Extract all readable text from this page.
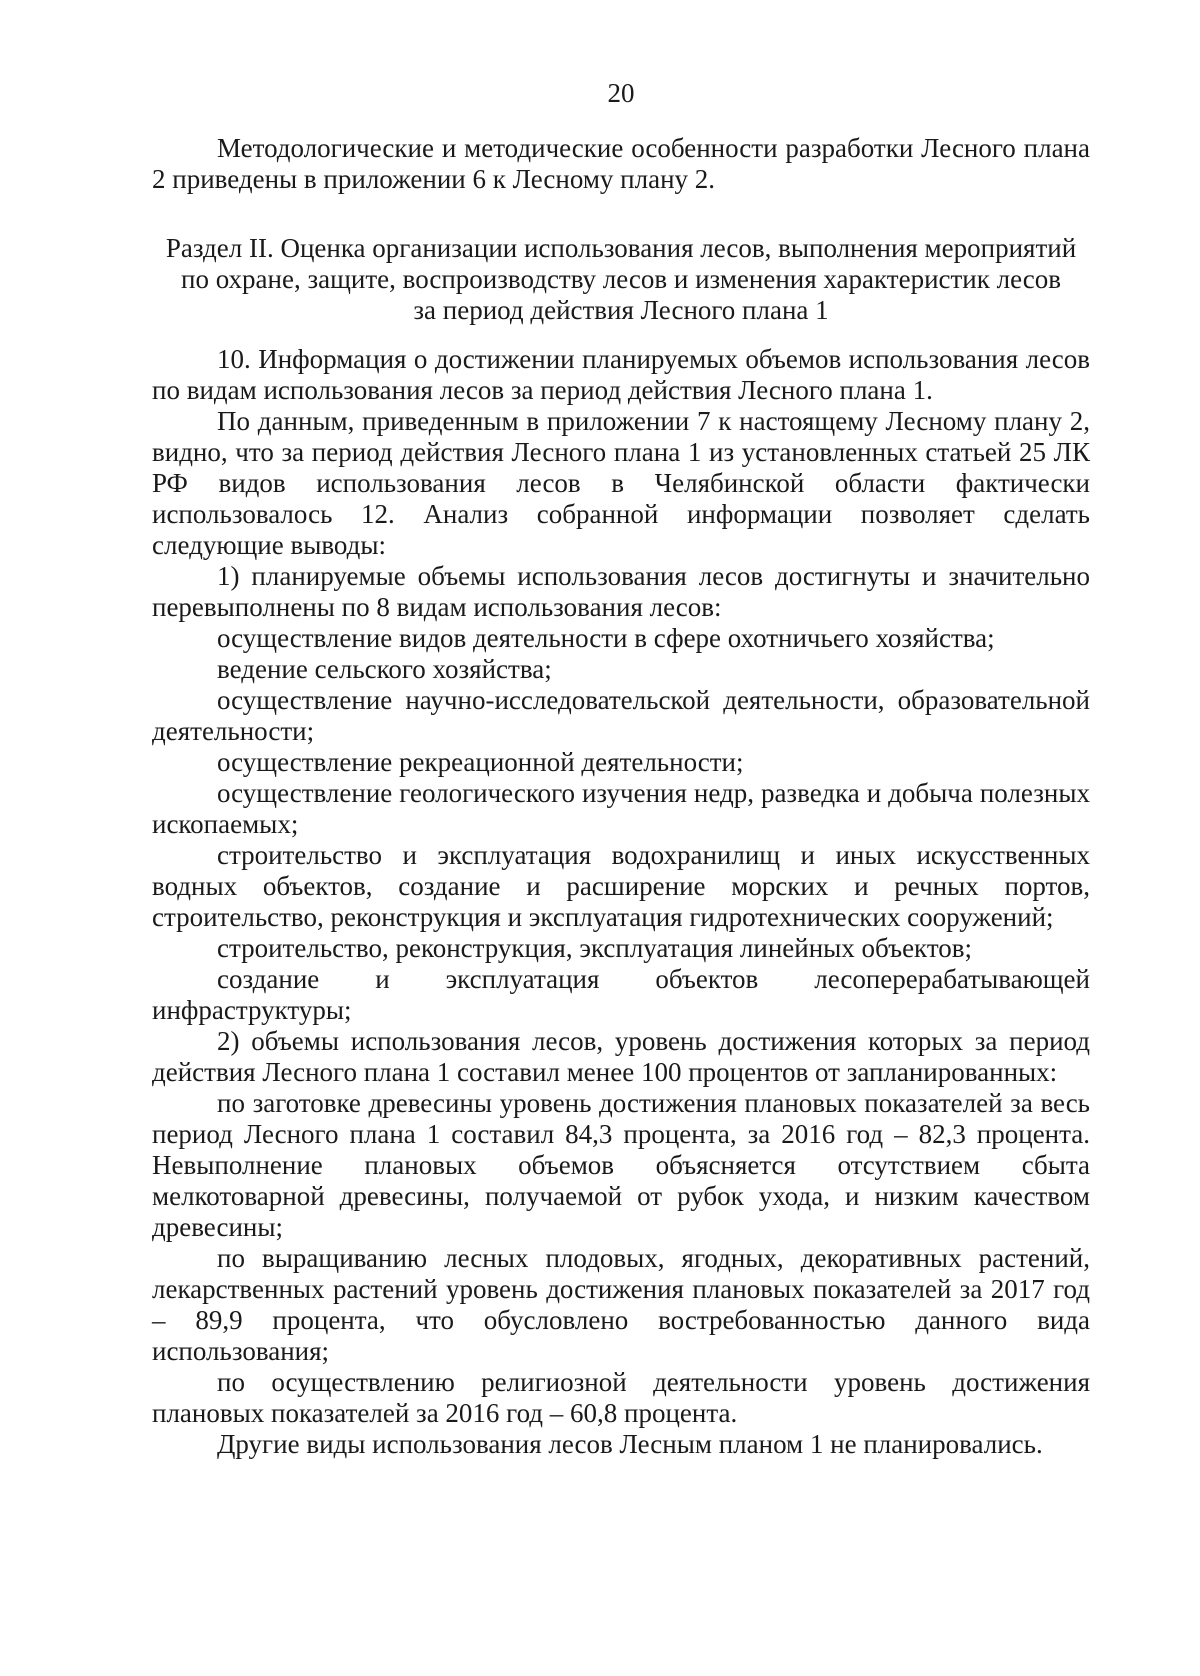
20

Методологические и методические особенности разработки Лесного плана 2 приведены в приложении 6 к Лесному плану 2.

Раздел II. Оценка организации использования лесов, выполнения мероприятий
по охране, защите, воспроизводству лесов и изменения характеристик лесов
за период действия Лесного плана 1

10. Информация о достижении планируемых объемов использования лесов по видам использования лесов за период действия Лесного плана 1.

По данным, приведенным в приложении 7 к настоящему Лесному плану 2, видно, что за период действия Лесного плана 1 из установленных статьей 25 ЛК РФ видов использования лесов в Челябинской области фактически использовалось 12. Анализ собранной информации позволяет сделать следующие выводы:

1) планируемые объемы использования лесов достигнуты и значительно перевыполнены по 8 видам использования лесов:

осуществление видов деятельности в сфере охотничьего хозяйства;

ведение сельского хозяйства;

осуществление научно-исследовательской деятельности, образовательной деятельности;

осуществление рекреационной деятельности;

осуществление геологического изучения недр, разведка и добыча полезных ископаемых;

строительство и эксплуатация водохранилищ и иных искусственных водных объектов, создание и расширение морских и речных портов, строительство, реконструкция и эксплуатация гидротехнических сооружений;

строительство, реконструкция, эксплуатация линейных объектов;

создание и эксплуатация объектов лесоперерабатывающей инфраструктуры;

2) объемы использования лесов, уровень достижения которых за период действия Лесного плана 1 составил менее 100 процентов от запланированных:

по заготовке древесины уровень достижения плановых показателей за весь период Лесного плана 1 составил 84,3 процента, за 2016 год – 82,3 процента. Невыполнение плановых объемов объясняется отсутствием сбыта мелкотоварной древесины, получаемой от рубок ухода, и низким качеством древесины;

по выращиванию лесных плодовых, ягодных, декоративных растений, лекарственных растений уровень достижения плановых показателей за 2017 год – 89,9 процента, что обусловлено востребованностью данного вида использования;

по осуществлению религиозной деятельности уровень достижения плановых показателей за 2016 год – 60,8 процента.

Другие виды использования лесов Лесным планом 1 не планировались.
